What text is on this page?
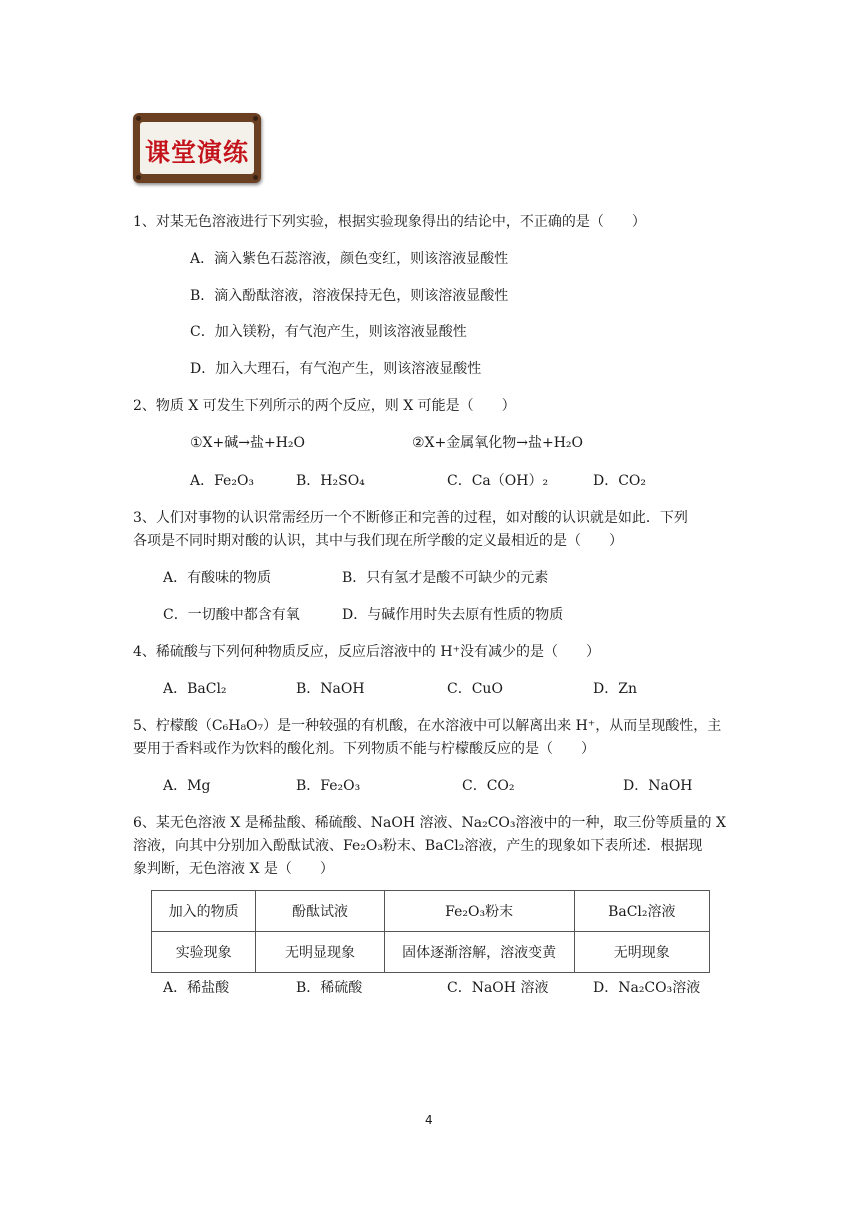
课堂演练
1、对某无色溶液进行下列实验，根据实验现象得出的结论中，不正确的是（　　）
A．滴入紫色石蕊溶液，颜色变红，则该溶液显酸性
B．滴入酚酞溶液，溶液保持无色，则该溶液显酸性
C．加入镁粉，有气泡产生，则该溶液显酸性
D．加入大理石，有气泡产生，则该溶液显酸性
2、物质 X 可发生下列所示的两个反应，则 X 可能是（　　）
①X+碱→盐+H₂O	②X+金属氧化物→盐+H₂O
A．Fe₂O₃	B．H₂SO₄	C．Ca（OH）₂	D．CO₂
3、人们对事物的认识常需经历一个不断修正和完善的过程，如对酸的认识就是如此．下列
各项是不同时期对酸的认识，其中与我们现在所学酸的定义最相近的是（　　）
A．有酸味的物质	B．只有氢才是酸不可缺少的元素
C．一切酸中都含有氧	D．与碱作用时失去原有性质的物质
4、稀硫酸与下列何种物质反应，反应后溶液中的 H⁺没有减少的是（　　）
A．BaCl₂	B．NaOH	C．CuO	D．Zn
5、柠檬酸（C₆H₈O₇）是一种较强的有机酸，在水溶液中可以解离出来 H⁺，从而呈现酸性，主
要用于香料或作为饮料的酸化剂。下列物质不能与柠檬酸反应的是（　　）
A．Mg	B．Fe₂O₃	C．CO₂	D．NaOH
6、某无色溶液 X 是稀盐酸、稀硫酸、NaOH 溶液、Na₂CO₃溶液中的一种，取三份等质量的 X
溶液，向其中分别加入酚酞试液、Fe₂O₃粉末、BaCl₂溶液，产生的现象如下表所述．根据现
象判断，无色溶液 X 是（　　）
加入的物质	酚酞试液	Fe₂O₃粉末	BaCl₂溶液
实验现象	无明显现象	固体逐渐溶解，溶液变黄	无明现象
A．稀盐酸	B．稀硫酸	C．NaOH 溶液	D．Na₂CO₃溶液
4
